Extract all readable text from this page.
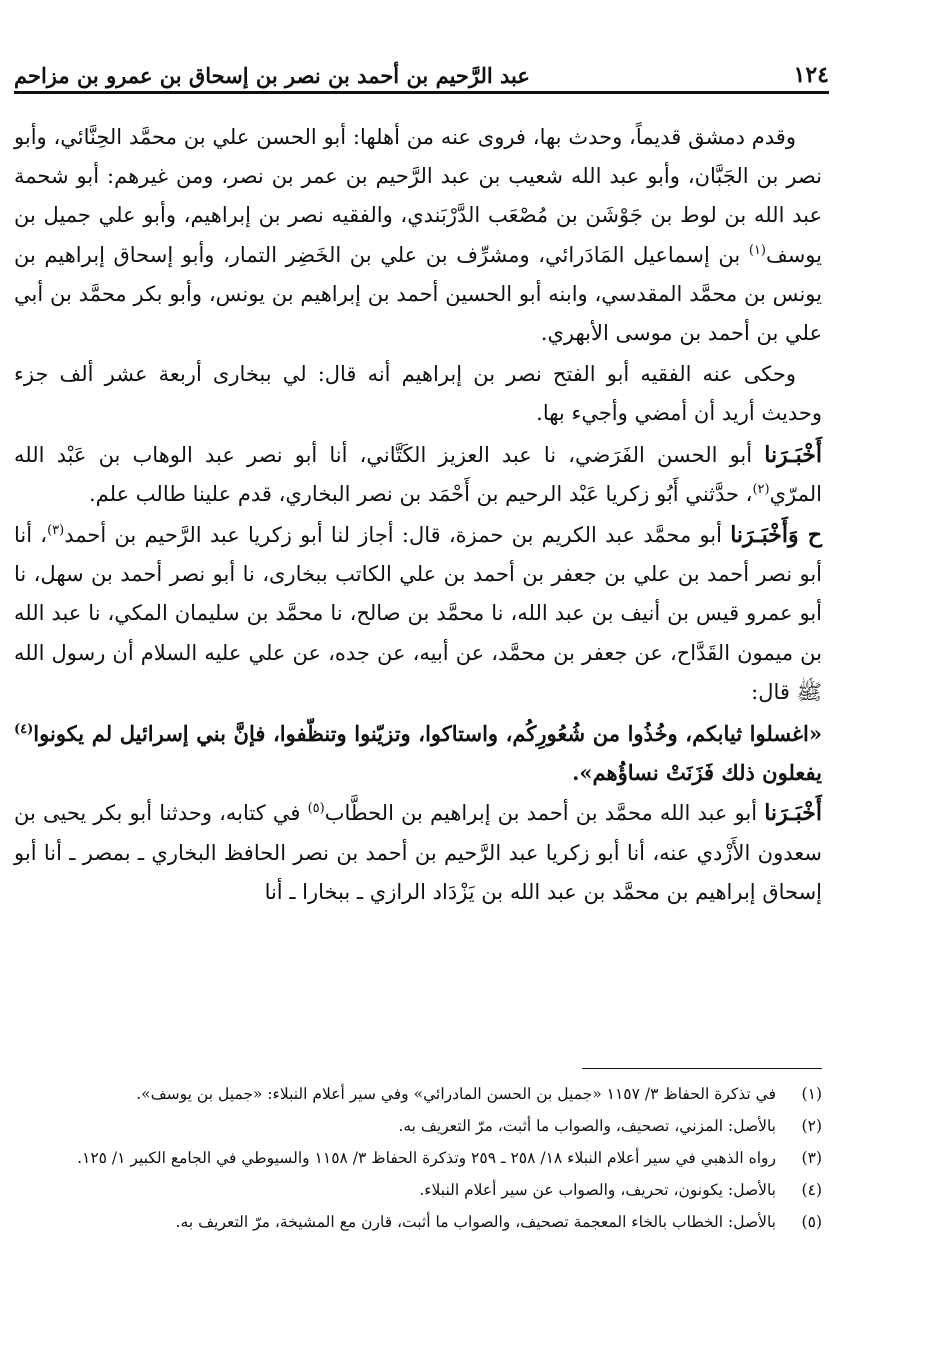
١٢٤
عبد الرَّحيم بن أحمد بن نصر بن إسحاق بن عمرو بن مزاحم

وقدم دمشق قديماً، وحدث بها، فروى عنه من أهلها: أبو الحسن علي بن محمَّد الحِنَّائي، وأبو نصر بن الجَبَّان، وأبو عبد الله شعيب بن عبد الرَّحيم بن عمر بن نصر، ومن غيرهم: أبو شحمة عبد الله بن لوط بن جَوْشَن بن مُصْعَب الدَّرْبَندي، والفقيه نصر بن إبراهيم، وأبو علي جميل بن يوسف$^{(١)}$ بن إسماعيل المَادَرائي، ومشرِّف بن علي بن الخَضِر التمار، وأبو إسحاق إبراهيم بن يونس بن محمَّد المقدسي، وابنه أبو الحسين أحمد بن إبراهيم بن يونس، وأبو بكر محمَّد بن أبي علي بن أحمد بن موسى الأبهري.

وحكى عنه الفقيه أبو الفتح نصر بن إبراهيم أنه قال: لي ببخارى أربعة عشر ألف جزء وحديث أريد أن أمضي وأجيء بها.

أَخْبَـرَنا أبو الحسن الفَرَضي، نا عبد العزيز الكَتَّاني، أنا أبو نصر عبد الوهاب بن عَبْد الله المرّي$^{(٢)}$، حدَّثني أَبُو زكريا عَبْد الرحيم بن أَحْمَد بن نصر البخاري، قدم علينا طالب علم.

ح وَأَخْبَـرَنا أبو محمَّد عبد الكريم بن حمزة، قال: أجاز لنا أبو زكريا عبد الرَّحيم بن أحمد$^{(٣)}$، أنا أبو نصر أحمد بن علي بن جعفر بن أحمد بن علي الكاتب ببخارى، نا أبو نصر أحمد بن سهل، نا أبو عمرو قيس بن أنيف بن عبد الله، نا محمَّد بن صالح، نا محمَّد بن سليمان المكي، نا عبد الله بن ميمون القَدَّاح، عن جعفر بن محمَّد، عن أبيه، عن جده، عن علي عليه السلام أن رسول الله ﷺ قال:

«اغسلوا ثيابكم، وخُذُوا من شُعُورِكُم، واستاكوا، وتزيّنوا وتنظّفوا، فإنَّ بني إسرائيل لم يكونوا$^{(٤)}$ يفعلون ذلك فَزَنَتْ نساؤُهم».

أَخْبَـرَنا أبو عبد الله محمَّد بن أحمد بن إبراهيم بن الحطَّاب$^{(٥)}$ في كتابه، وحدثنا أبو بكر يحيى بن سعدون الأَزْدي عنه، أنا أبو زكريا عبد الرَّحيم بن أحمد بن نصر الحافظ البخاري ـ بمصر ـ أنا أبو إسحاق إبراهيم بن محمَّد بن عبد الله بن يَزْدَاد الرازي ـ ببخارا ـ أنا

(١)
في تذكرة الحفاظ ٣/ ١١٥٧ «جميل بن الحسن المادرائي» وفي سير أعلام النبلاء: «جميل بن يوسف».
(٢)
بالأصل: المزني، تصحيف، والصواب ما أثبت، مرّ التعريف به.
(٣)
رواه الذهبي في سير أعلام النبلاء ١٨/ ٢٥٨ ـ ٢٥٩ وتذكرة الحفاظ ٣/ ١١٥٨ والسيوطي في الجامع الكبير ١/ ١٢٥.
(٤)
بالأصل: يكونون، تحريف، والصواب عن سير أعلام النبلاء.
(٥)
بالأصل: الخطاب بالخاء المعجمة تصحيف، والصواب ما أثبت، قارن مع المشيخة، مرّ التعريف به.
